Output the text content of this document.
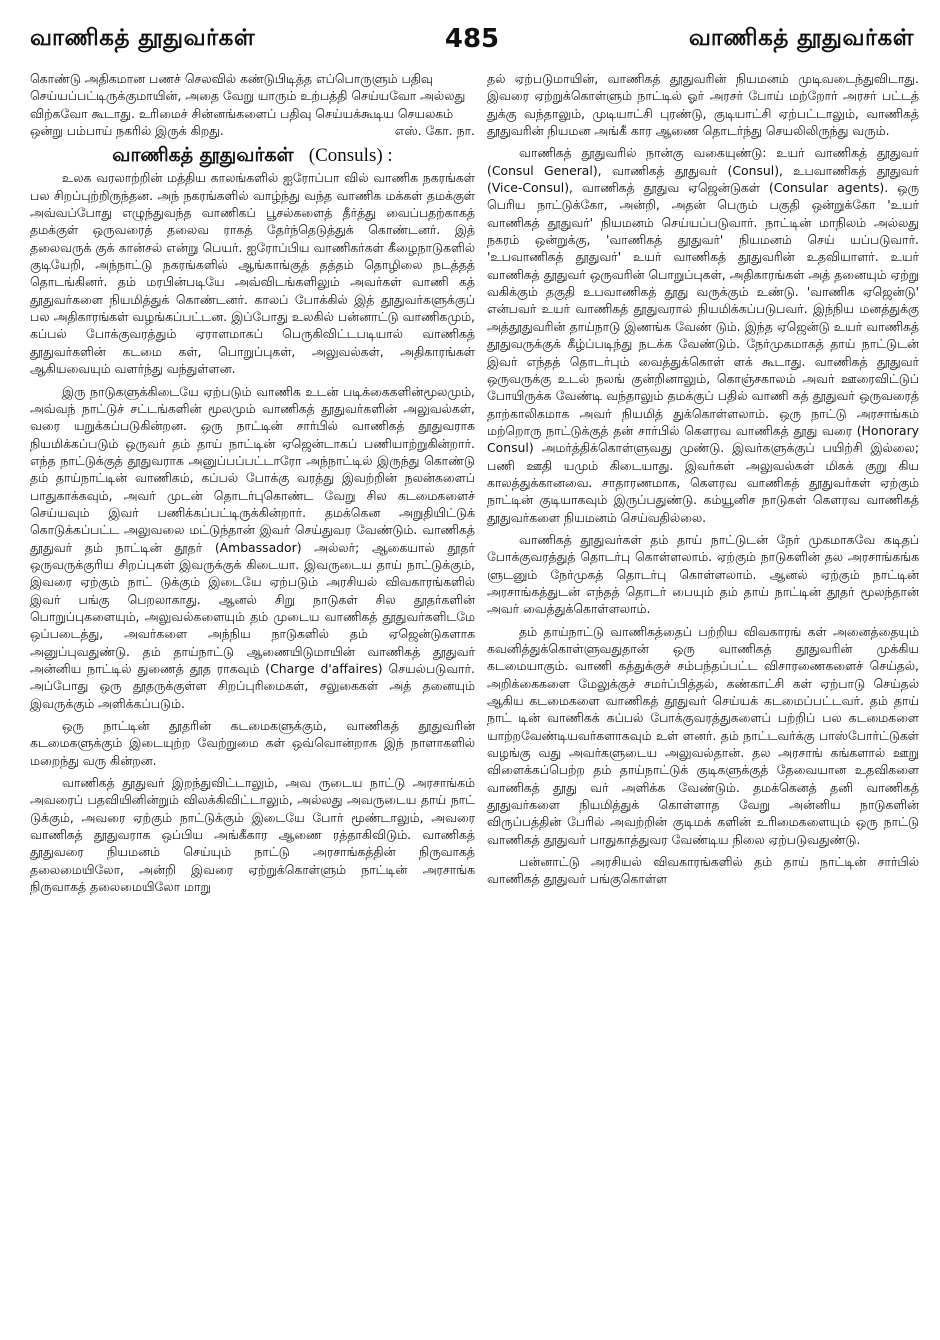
வாணிகத் தூதுவர்கள்	485	வாணிகத் தூதுவர்கள்

கொண்டு அதிகமான பணச் செலவில் கண்டுபிடித்த எப்பொருளும் பதிவு செய்யப்பட்டிருக்குமாயின், அதை வேறு யாரும் உற்பத்தி செய்யவோ அல்லது விற்கவோ கூடாது. உரிமைச் சின்னங்களைப் பதிவு செய்யக்கூடிய செயலகம் ஒன்று பம்பாய் நகரில் இருக் கிறது.	எஸ். கோ. நா.

வாணிகத் தூதுவர்கள் (Consuls) :

உலக வரலாற்றின் மத்திய காலங்களில் ஐரோப்பா வில் வாணிக நகரங்கள் பல சிறப்புற்றிருந்தன. அந் நகரங்களில் வாழ்ந்து வந்த வாணிக மக்கள் தமக்குள் அவ்வப்போது எழுந்துவந்த வாணிகப் பூசல்களைத் தீர்த்து வைப்பதற்காகத் தமக்குள் ஒருவரைத் தலைவ ராகத் தேர்ந்தெடுத்துக் கொண்டனர். இத் தலைவருக் குக் கான்சல் என்று பெயர். ஐரோப்பிய வாணிகர்கள் கீழைநாடுகளில் குடியேறி, அந்நாட்டு நகரங்களில் ஆங்காங்குத் தத்தம் தொழிலை நடத்தத் தொடங்கினர். தம் மரபின்படியே அவ்விடங்களிலும் அவர்கள் வாணி கத் தூதுவர்களை நியமித்துக் கொண்டனர். காலப் போக்கில் இத் தூதுவர்களுக்குப் பல அதிகாரங்கள் வழங்கப்பட்டன. இப்போது உலகில் பன்னாட்டு வாணிகமும், கப்பல் போக்குவரத்தும் ஏராளமாகப் பெருகிவிட்டபடியால் வாணிகத் தூதுவர்களின் கடமை கள், பொறுப்புகள், அலுவல்கள், அதிகாரங்கள் ஆகியவையும் வளர்ந்து வந்துள்ளன.

இரு நாடுகளுக்கிடையே ஏற்படும் வாணிக உடன் படிக்கைகளின்மூலமும், அவ்வந் நாட்டுச் சட்டங்களின் மூலமும் வாணிகத் தூதுவர்களின் அலுவல்கள், வரை யறுக்கப்படுகின்றன. ஒரு நாட்டின் சார்பில் வாணிகத் தூதுவராக நியமிக்கப்படும் ஒருவர் தம் தாய் நாட்டின் ஏஜென்டாகப் பணியாற்றுகின்றார். எந்த நாட்டுக்குத் தூதுவராக அனுப்பப்பட்டாரோ அந்நாட்டில் இருந்து கொண்டு தம் தாய்நாட்டின் வாணிகம், கப்பல் போக்கு வரத்து இவற்றின் நலன்களைப் பாதுகாக்கவும், அவர் முடன் தொடர்புகொண்ட வேறு சில கடமைகளைச் செய்யவும் இவர் பணிக்கப்பட்டிருக்கின்றார். தமக்கென அறுதியிட்டுக் கொடுக்கப்பட்ட அலுவலை மட்டுந்தான் இவர் செய்துவர வேண்டும். வாணிகத் தூதுவர் தம் நாட்டின் தூதர் (Ambassador) அல்லர்; ஆகையால் தூதர் ஒருவருக்குரிய சிறப்புகள் இவருக்குக் கிடையா. இவருடைய தாய் நாட்டுக்கும், இவரை ஏற்கும் நாட் டுக்கும் இடையே ஏற்படும் அரசியல் விவகாரங்களில் இவர் பங்கு பெறலாகாது. ஆனல் சிறு நாடுகள் சில தூதர்களின் பொறுப்புகளையும், அலுவல்களையும் தம் முடைய வாணிகத் தூதுவர்களிடமே ஒப்படைத்து, அவர்களை அந்நிய நாடுகளில் தம் ஏஜென்டுகளாக அனுப்புவதுண்டு. தம் தாய்நாட்டு ஆணையிடுமாயின் வாணிகத் தூதுவர் அன்னிய நாட்டில் துணைத் தூத ராகவும் (Charge d'affaires) செயல்படுவார். அப்போது ஒரு தூதருக்குள்ள சிறப்புரிமைகள், சலுகைகள் அத் தனையும் இவருக்கும் அளிக்கப்படும்.

ஒரு நாட்டின் தூதரின் கடமைகளுக்கும், வாணிகத் தூதுவரின் கடமைகளுக்கும் இடையுற்ற வேற்றுமை கள் ஒவ்வொன்றாக இந் நாளாகளில் மறைந்து வரு கின்றன.

வாணிகத் தூதுவர் இறந்துவிட்டாலும், அவ ருடைய நாட்டு அரசாங்கம் அவரைப் பதவியினின்றும் விலக்கிவிட்டாலும், அல்லது அவருடைய தாய் நாட் டுக்கும், அவரை ஏற்கும் நாட்டுக்கும் இடையே போர் மூண்டாலும், அவரை வாணிகத் தூதுவராக ஒப்பிய அங்கீகார ஆணை ரத்தாகிவிடும். வாணிகத் தூதுவரை நியமனம் செய்யும் நாட்டு அரசாங்கத்தின் நிருவாகத் தலைமையிலோ, அன்றி இவரை ஏற்றுக்கொள்ளும் நாட்டின் அரசாங்க நிருவாகத் தலைமையிலோ மாறு

தல் ஏற்படுமாயின், வாணிகத் தூதுவரின் நியமனம் முடிவடைந்துவிடாது. இவரை ஏற்றுக்கொள்ளும் நாட்டில் ஓர் அரசர் போய் மற்றோர் அரசர் பட்டத் துக்கு வந்தாலும், முடியாட்சி புரண்டு, குடியாட்சி ஏற்பட்டாலும், வாணிகத் தூதுவரின் நியமன அங்கீ கார ஆணை தொடர்ந்து செயலிலிருந்து வரும்.

வாணிகத் தூதுவரில் நான்கு வகையுண்டு: உயர் வாணிகத் தூதுவர் (Consul General), வாணிகத் தூதுவர் (Consul), உபவாணிகத் தூதுவர் (Vice-Consul), வாணிகத் தூதுவ ஏஜென்டுகள் (Consular agents). ஒரு பெரிய நாட்டுக்கோ, அன்றி, அதன் பெரும் பகுதி ஒன்றுக்கோ 'உயர் வாணிகத் தூதுவர்' நியமனம் செய்யப்படுவார். நாட்டின் மாநிலம் அல்லது நகரம் ஒன்றுக்கு, 'வாணிகத் தூதுவர்' நியமனம் செய் யப்படுவார். 'உபவாணிகத் தூதுவர்' உயர் வாணிகத் தூதுவரின் உதவியாளர். உயர் வாணிகத் தூதுவர் ஒருவரின் பொறுப்புகள், அதிகாரங்கள் அத் தனையும் ஏற்று வகிக்கும் தகுதி உபவாணிகத் தூது வருக்கும் உண்டு. 'வாணிக ஏஜென்டு' என்பவர் உயர் வாணிகத் தூதுவரால் நியமிக்கப்படுபவர். இந்நிய மனத்துக்கு அத்தூதுவரின் தாய்நாடு இணங்க வேண் டும். இந்த ஏஜென்டு உயர் வாணிகத் தூதுவருக்குக் கீழ்ப்படிந்து நடக்க வேண்டும். நேர்முகமாகத் தாய் நாட்டுடன் இவர் எந்தத் தொடர்பும் வைத்துக்கொள் ளக் கூடாது. வாணிகத் தூதுவர் ஒருவருக்கு உடல் நலங் குன்றினாலும், கொஞ்சகாலம் அவர் ஊரைவிட்டுப் போயிருக்க வேண்டி வந்தாலும் தமக்குப் பதில் வாணி கத் தூதுவர் ஒருவரைத் தாற்காலிகமாக அவர் நியமித் துக்கொள்ளலாம். ஒரு நாட்டு அரசாங்கம் மற்றொரு நாட்டுக்குத் தன் சார்பில் கௌரவ வாணிகத் தூது வரை (Honorary Consul) அமர்த்திக்கொள்ளுவது முண்டு. இவர்களுக்குப் பயிற்சி இல்லை; பணி ஊதி யமும் கிடையாது. இவர்கள் அலுவல்கள் மிகக் குறு கிய காலத்துக்கானவை. சாதாரணமாக, கௌரவ வாணிகத் தூதுவர்கள் ஏற்கும் நாட்டின் குடியாகவும் இருப்பதுண்டு. கம்யூனிச நாடுகள் கௌரவ வாணிகத் தூதுவர்களை நியமனம் செய்வதில்லை.

வாணிகத் தூதுவர்கள் தம் தாய் நாட்டுடன் நேர் முகமாகவே கடிதப் போக்குவரத்துத் தொடர்பு கொள்ளலாம். ஏற்கும் நாடுகளின் தல அரசாங்கங்க ளுடனும் நேர்முகத் தொடர்பு கொள்ளலாம். ஆனல் ஏற்கும் நாட்டின் அரசாங்கத்துடன் எந்தத் தொடர் பையும் தம் தாய் நாட்டின் தூதர் மூலந்தான் அவர் வைத்துக்கொள்ளலாம்.

தம் தாய்நாட்டு வாணிகத்தைப் பற்றிய விவகாரங் கள் அனைத்தையும் கவனித்துக்கொள்ளுவதுதான் ஒரு வாணிகத் தூதுவரின் முக்கிய கடமையாகும். வாணி கத்துக்குச் சம்பந்தப்பட்ட விசாரணைகளைச் செய்தல், அறிக்கைகளை மேலுக்குச் சமர்ப்பித்தல், கண்காட்சி கள் ஏற்பாடு செய்தல் ஆகிய கடமைகளை வாணிகத் தூதுவர் செய்யக் கடமைப்பட்டவர். தம் தாய் நாட் டின் வாணிகக் கப்பல் போக்குவரத்துகளைப் பற்றிப் பல கடமைகளை யாற்றவேண்டியவர்களாகவும் உள் ளனர். தம் நாட்டவர்க்கு பாஸ்போர்ட்டுகள் வழங்கு வது அவர்களுடைய அலுவல்தான். தல அரசாங் கங்களால் ஊறு விளைக்கப்பெற்ற தம் தாய்நாட்டுக் குடிகளுக்குத் தேவையான உதவிகளை வாணிகத் தூது வர் அளிக்க வேண்டும். தமக்கெனத் தனி வாணிகத் தூதுவர்களை நியமித்துக் கொள்ளாத வேறு அன்னிய நாடுகளின் விருப்பத்தின் பேரில் அவற்றின் குடிமக் களின் உரிமைகளையும் ஒரு நாட்டு வாணிகத் தூதுவர் பாதுகாத்துவர வேண்டிய நிலை ஏற்படுவதுண்டு.

பன்னாட்டு அரசியல் விவகாரங்களில் தம் தாய் நாட்டின் சார்பில் வாணிகத் தூதுவர் பங்குகொள்ள
